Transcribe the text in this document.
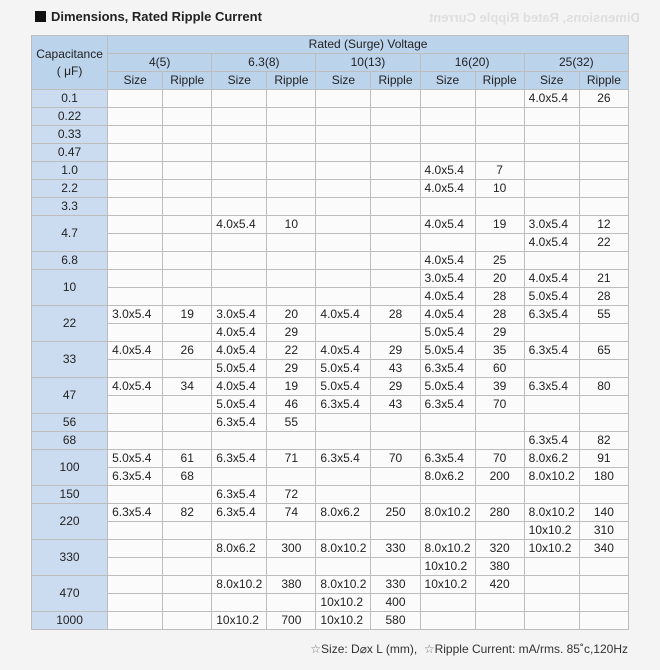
Dimensions, Rated Ripple Current	Dimensions, Rated Ripple Current
Capacitance
( μF)	Rated (Surge) Voltage									
	4(5)		6.3(8)		10(13)		16(20)		25(32)	
	Size	Ripple	Size	Ripple	Size	Ripple	Size	Ripple	Size	Ripple
0.1									4.0x5.4	26
0.22										
0.33										
0.47										
1.0							4.0x5.4	7		
2.2							4.0x5.4	10		
3.3										
4.7			4.0x5.4	10			4.0x5.4	19	3.0x5.4	12
									4.0x5.4	22
6.8							4.0x5.4	25		
10							3.0x5.4	20	4.0x5.4	21
							4.0x5.4	28	5.0x5.4	28
22	3.0x5.4	19	3.0x5.4	20	4.0x5.4	28	4.0x5.4	28	6.3x5.4	55
			4.0x5.4	29			5.0x5.4	29		
33	4.0x5.4	26	4.0x5.4	22	4.0x5.4	29	5.0x5.4	35	6.3x5.4	65
			5.0x5.4	29	5.0x5.4	43	6.3x5.4	60		
47	4.0x5.4	34	4.0x5.4	19	5.0x5.4	29	5.0x5.4	39	6.3x5.4	80
			5.0x5.4	46	6.3x5.4	43	6.3x5.4	70		
56			6.3x5.4	55						
68									6.3x5.4	82
100	5.0x5.4	61	6.3x5.4	71	6.3x5.4	70	6.3x5.4	70	8.0x6.2	91
	6.3x5.4	68					8.0x6.2	200	8.0x10.2	180
150			6.3x5.4	72						
220	6.3x5.4	82	6.3x5.4	74	8.0x6.2	250	8.0x10.2	280	8.0x10.2	140
									10x10.2	310
330			8.0x6.2	300	8.0x10.2	330	8.0x10.2	320	10x10.2	340
							10x10.2	380		
470			8.0x10.2	380	8.0x10.2	330	10x10.2	420		
					10x10.2	400				
1000			10x10.2	700	10x10.2	580				
☆Size: D⌀x L (mm), ☆Ripple Current: mA/rms. 85˚c,120Hz
